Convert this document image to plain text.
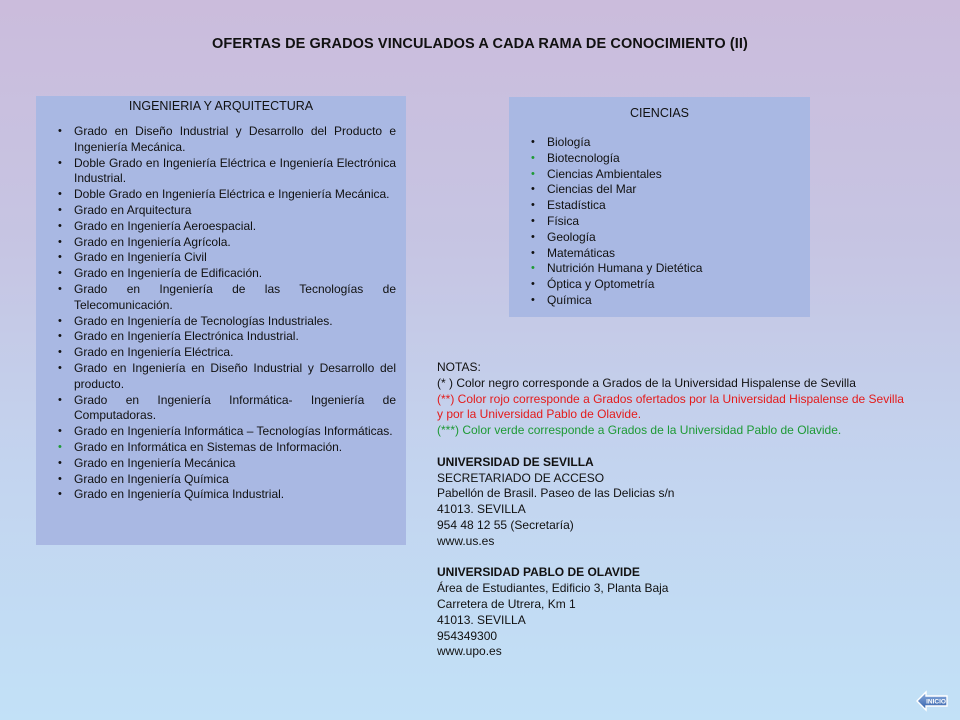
OFERTAS DE GRADOS VINCULADOS A CADA RAMA DE CONOCIMIENTO (II)
INGENIERIA Y ARQUITECTURA
• Grado en Diseño Industrial y Desarrollo del Producto e Ingeniería Mecánica.
• Doble Grado en Ingeniería Eléctrica e Ingeniería Electrónica Industrial.
• Doble Grado en Ingeniería Eléctrica e Ingeniería Mecánica.
• Grado en Arquitectura
• Grado en Ingeniería Aeroespacial.
• Grado en Ingeniería Agrícola.
• Grado en Ingeniería Civil
• Grado en Ingeniería de Edificación.
• Grado en Ingeniería de las Tecnologías de Telecomunicación.
• Grado en Ingeniería de Tecnologías Industriales.
• Grado en Ingeniería Electrónica Industrial.
• Grado en Ingeniería Eléctrica.
• Grado en Ingeniería en Diseño Industrial y Desarrollo del producto.
• Grado en Ingeniería Informática- Ingeniería de Computadoras.
• Grado en Ingeniería Informática – Tecnologías Informáticas.
• Grado en Informática en Sistemas de Información.
• Grado en Ingeniería Mecánica
• Grado en Ingeniería Química
• Grado en Ingeniería Química Industrial.
CIENCIAS
• Biología
• Biotecnología
• Ciencias Ambientales
• Ciencias del Mar
• Estadística
• Física
• Geología
• Matemáticas
• Nutrición Humana y Dietética
• Óptica y Optometría
• Química

NOTAS:

(* ) Color negro corresponde a Grados de la Universidad Hispalense de Sevilla

(**) Color rojo corresponde a Grados ofertados por la Universidad Hispalense de Sevilla y por la Universidad Pablo de Olavide.

(***) Color verde corresponde a Grados de la Universidad Pablo de Olavide.

UNIVERSIDAD DE SEVILLA

SECRETARIADO DE ACCESO

Pabellón de Brasil. Paseo de las Delicias s/n

41013. SEVILLA

954 48 12 55 (Secretaría)

www.us.es

UNIVERSIDAD PABLO DE OLAVIDE

Área de Estudiantes, Edificio 3, Planta Baja

Carretera de Utrera, Km 1

41013. SEVILLA

954349300

www.upo.es

INICIO
